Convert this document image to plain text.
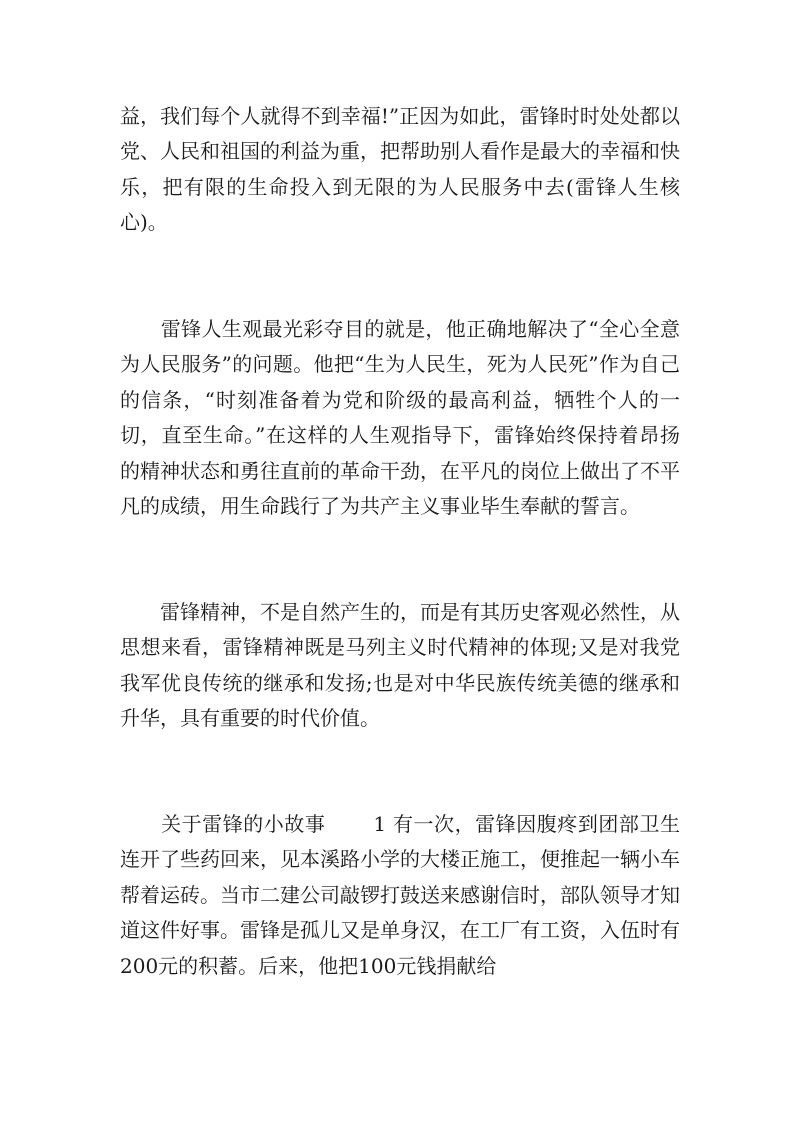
益，我们每个人就得不到幸福!”正因为如此，雷锋时时处处都以党、人民和祖国的利益为重，把帮助别人看作是最大的幸福和快乐，把有限的生命投入到无限的为人民服务中去(雷锋人生核心)。

　　雷锋人生观最光彩夺目的就是，他正确地解决了“全心全意为人民服务”的问题。他把“生为人民生，死为人民死”作为自己的信条，“时刻准备着为党和阶级的最高利益，牺牲个人的一切，直至生命。”在这样的人生观指导下，雷锋始终保持着昂扬的精神状态和勇往直前的革命干劲，在平凡的岗位上做出了不平凡的成绩，用生命践行了为共产主义事业毕生奉献的誓言。

　　雷锋精神，不是自然产生的，而是有其历史客观必然性，从思想来看，雷锋精神既是马列主义时代精神的体现;又是对我党我军优良传统的继承和发扬;也是对中华民族传统美德的继承和升华，具有重要的时代价值。

　　关于雷锋的小故事　　 1 有一次，雷锋因腹疼到团部卫生连开了些药回来，见本溪路小学的大楼正施工，便推起一辆小车帮着运砖。当市二建公司敲锣打鼓送来感谢信时，部队领导才知道这件好事。雷锋是孤儿又是单身汉，在工厂有工资，入伍时有200元的积蓄。后来，他把100元钱捐献给
